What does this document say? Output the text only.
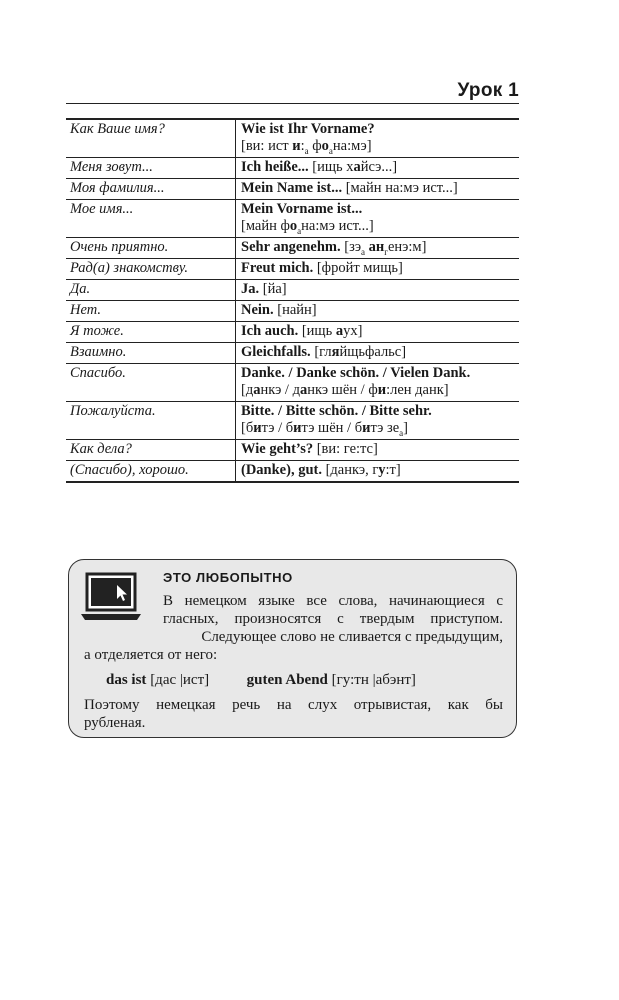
Урок 1
Как Ваше имя?	Wie ist Ihr Vorname?
[ви: ист $и:_а$ $фо_ана:мэ$]

Меня зовут...	Ich heiße... [ищь хайсэ...]

Моя фамилия...	Mein Name ist... [майн на:мэ ист...]

Мое имя...	Mein Vorname ist...
[майн $фо_ана:мэ$ ист...]

Очень приятно.	Sehr angenehm. [$зэ_а$ $ан_генэ:м$]

Рад(а) знакомству.	Freut mich. [фройт мищь]

Да.	Ja. [йа]

Нет.	Nein. [найн]

Я тоже.	Ich auch. [ищь аух]

Взаимно.	Gleichfalls. [гляйщьфальс]

Спасибо.	Danke. / Danke schön. / Vielen Dank.
[данкэ / данкэ шён / фи:лен данк]

Пожалуйста.	Bitte. / Bitte schön. / Bitte sehr.
[битэ / битэ шён / битэ $зе_а$]

Как дела?	Wie geht’s? [ви: ге:тс]

(Спасибо), хорошо.	(Danke), gut. [данкэ, гу:т]
ЭТО ЛЮБОПЫТНО
В немецком языке все слова, начинающиеся с
гласных, произносятся с твердым приступом.
Следующее слово не сливается с предыдущим,
а отделяется от него:
das ist [дас |ист]	guten Abend [гу:тн |абэнт]
Поэтому немецкая речь на слух отрывистая, как бы
рубленая.
